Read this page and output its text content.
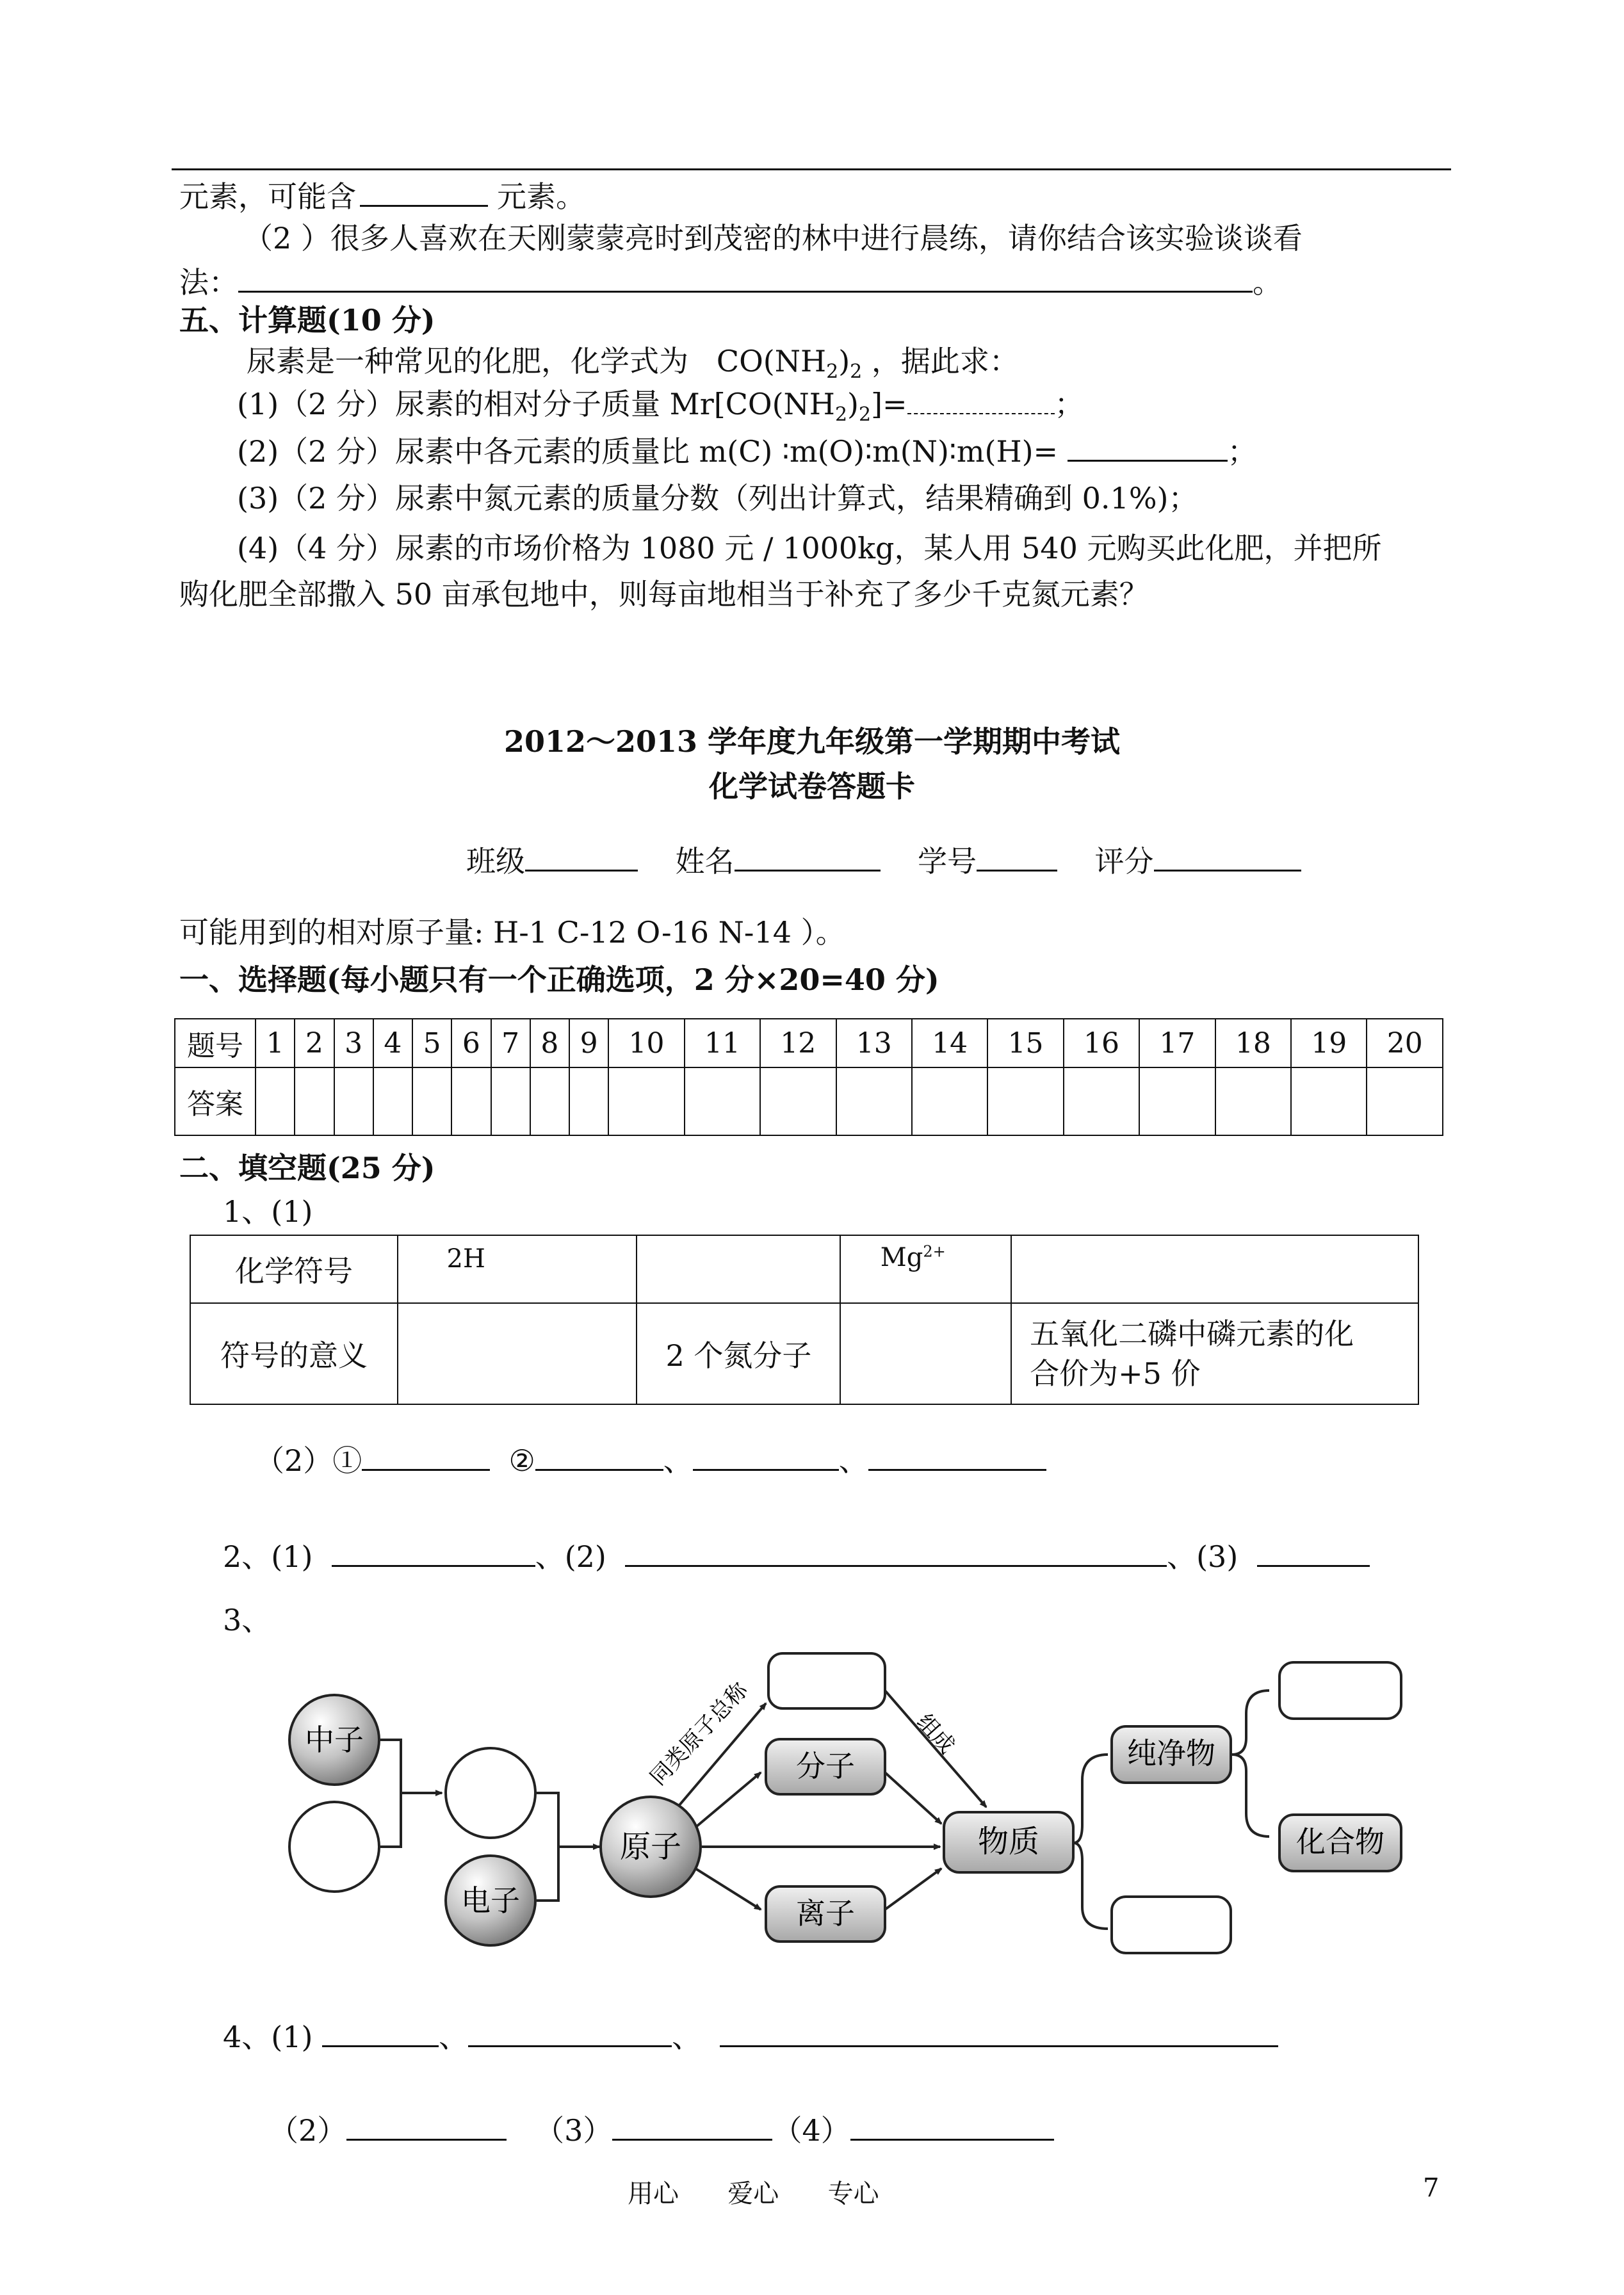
元素，可能含	元素。
（2 ）很多人喜欢在天刚蒙蒙亮时到茂密的林中进行晨练，请你结合该实验谈谈看
法：	。
五、计算题(10 分)
尿素是一种常见的化肥，化学式为 $CO(NH_2)_2$ ，据此求：
(1)（2 分）尿素的相对分子质量 $Mr[CO(NH_2)_2]=$	；
(2)（2 分）尿素中各元素的质量比 m(C) ∶m(O)∶m(N)∶m(H)=	；
(3)（2 分）尿素中氮元素的质量分数（列出计算式，结果精确到 0.1%)；
(4)（4 分）尿素的市场价格为 1080 元 / 1000kg，某人用 540 元购买此化肥，并把所
购化肥全部撒入 50 亩承包地中，则每亩地相当于补充了多少千克氮元素？
2012～2013 学年度九年级第一学期期中考试
化学试卷答题卡
班级	姓名	学号	评分
可能用到的相对原子量: H-1 C-12 O-16 N-14 ）。
一、选择题(每小题只有一个正确选项，2 分×20=40 分)
题号	1	2	3	4	5	6	7	8	9	10	11	12	13	14	15	16	17	18	19	20
答案																				
二、填空题(25 分)
1、(1)
化学符号	2H		$Mg^{2+}$	
符号的意义		2 个氮分子		五氧化二磷中磷元素的化
合价为+5 价
（2）①	②	、	、
2、(1)	、(2)	、(3)
3、
中子
电子
原子
同类原子总称 分子
离子
组成
物质
纯净物
化合物
4、(1)	、	、
（2）	（3）	（4）
用心      爱心      专心	7
